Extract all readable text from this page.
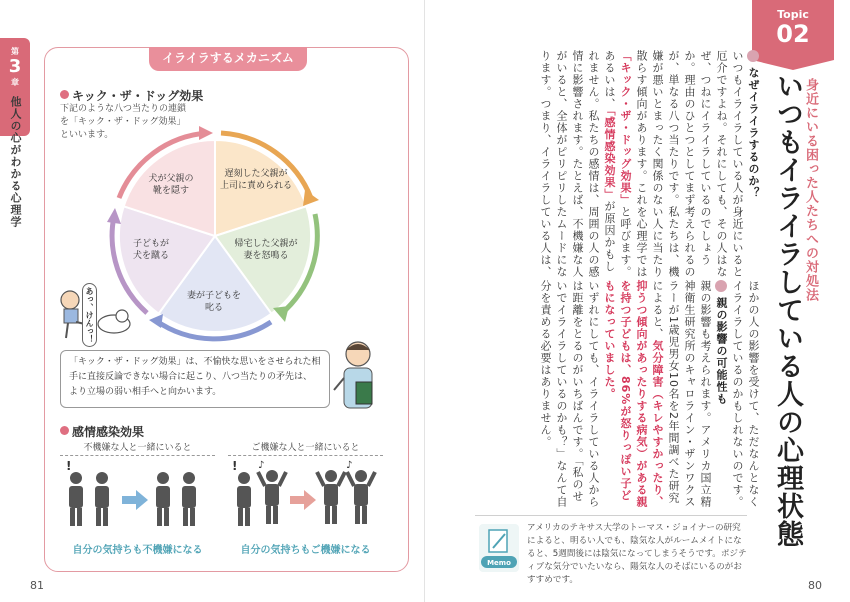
第
3
章
他人の心がわかる心理学
81
イライラするメカニズム
キック・ザ・ドッグ効果
下記のような八つ当たりの連鎖を「キック・ザ・ドッグ効果」といいます。
遅刻した父親が
上司に責められる
帰宅した父親が
妻を怒鳴る
妻が子どもを
叱る
子どもが
犬を蹴る
犬が父親の
靴を隠す
あっ、けんっ！
「キック・ザ・ドッグ効果」は、不愉快な思いをさせられた相
手に直接反論できない場合に起こり、八つ当たりの矛先は、
より立場の弱い相手へと向かいます。
感情感染効果
不機嫌な人と一緒にいると
!
自分の気持ちも不機嫌になる
ご機嫌な人と一緒にいると
! ♪	♪
自分の気持ちもご機嫌になる
Topic
02
身近にいる困った人たちへの対処法
いつもイライラしている人の心理状態

なぜイライラするのか？

いつもイライラしている人が身近にいると厄介ですよね。それにしても、その人はなぜ、つねにイライラしているのでしょうか。理由のひとつとしてまず考えられるのが、単なる八つ当たりです。私たちは、機嫌が悪いとまったく関係のない人に当たり散らす傾向があります。これを心理学では「キック・ザ・ドッグ効果」と呼びます。あるいは、「感情感染効果」が原因かもしれません。私たちの感情は、周囲の人の感情に影響されます。たとえば、不機嫌な人がいると、全体がピリピリしたムードになります。つまり、イライラしている人は、

ほかの人の影響を受けて、ただなんとなくイライラしているのかもしれないのです。

親の影響の可能性も

親の影響も考えられます。アメリカ国立精神衛生研究所のキャロライン・ザンワクスラーが1歳児男女10名を2年間調べた研究によると、気分障害（キレやすかったり、抑うつ傾向があったりする病気）がある親を持つ子どもは、86%が怒りっぽい子どもになっていました。

いずれにしても、イライラしている人からは距離をとるのがいちばんです。「私のせいでイライラしているのかも？」なんて自分を責める必要はありません。

Memo
アメリカのテキサス大学のトーマス・ジョイナーの研究によると、明るい人でも、陰気な人がルームメイトになると、5週間後には陰気になってしまうそうです。ポジティブな気分でいたいなら、陽気な人のそばにいるのがおすすめです。	80
